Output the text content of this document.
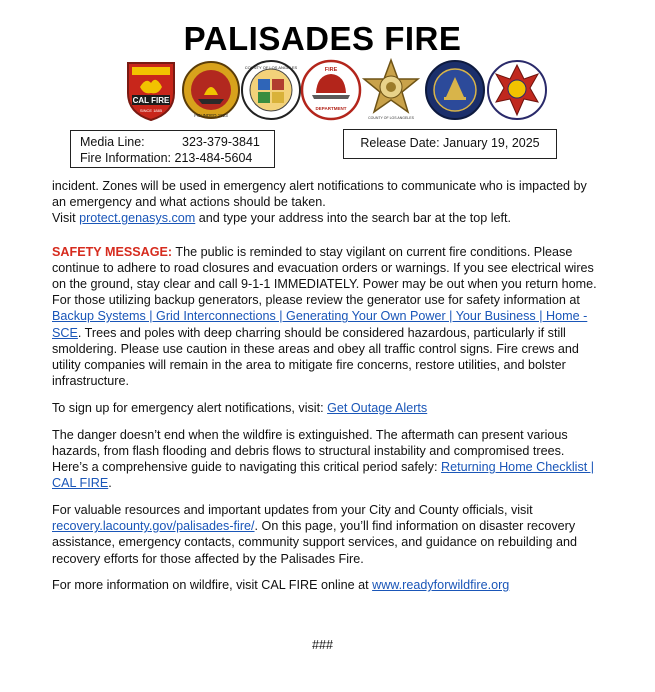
PALISADES FIRE
CAL FIRE
SINCE 1885
FOUNDED 1923
COUNTY OF LOS ANGELES	FIRE
DEPARTMENT
COUNTY OF LOS ANGELES
Media Line:	323-379-3841
Fire Information: 213-484-5604
Release Date: January 19, 2025

incident. Zones will be used in emergency alert notifications to communicate who is impacted by an emergency and what actions should be taken.
Visit protect.genasys.com and type your address into the search bar at the top left.

SAFETY MESSAGE: The public is reminded to stay vigilant on current fire conditions. Please continue to adhere to road closures and evacuation orders or warnings. If you see electrical wires on the ground, stay clear and call 9-1-1 IMMEDIATELY. Power may be out when you return home. For those utilizing backup generators, please review the generator use for safety information at Backup Systems | Grid Interconnections | Generating Your Own Power | Your Business | Home - SCE. Trees and poles with deep charring should be considered hazardous, particularly if still smoldering. Please use caution in these areas and obey all traffic control signs. Fire crews and utility companies will remain in the area to mitigate fire concerns, restore utilities, and bolster infrastructure.

To sign up for emergency alert notifications, visit: Get Outage Alerts

The danger doesn’t end when the wildfire is extinguished. The aftermath can present various hazards, from flash flooding and debris flows to structural instability and compromised trees. Here’s a comprehensive guide to navigating this critical period safely: Returning Home Checklist | CAL FIRE.

For valuable resources and important updates from your City and County officials, visit recovery.lacounty.gov/palisades-fire/. On this page, you’ll find information on disaster recovery assistance, emergency contacts, community support services, and guidance on rebuilding and recovery efforts for those affected by the Palisades Fire.

For more information on wildfire, visit CAL FIRE online at www.readyforwildfire.org

###
